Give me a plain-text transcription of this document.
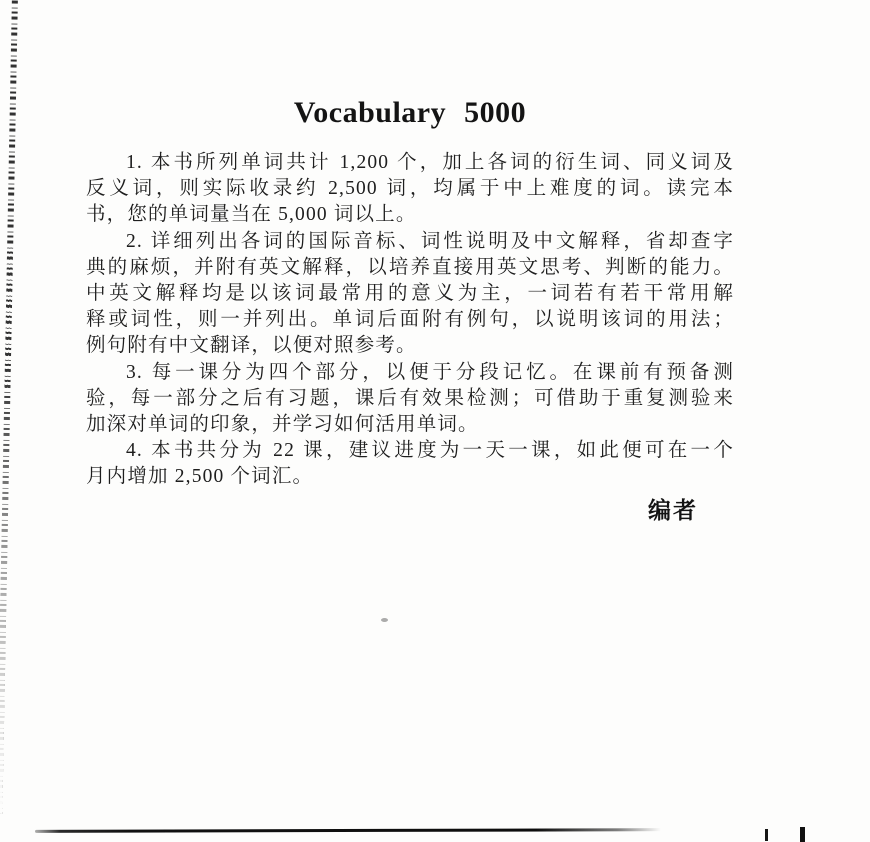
Vocabulary 5000
1. 本书所列单词共计 1,200 个，加上各词的衍生词、同义词及
反义词，则实际收录约 2,500 词，均属于中上难度的词。读完本
书，您的单词量当在 5,000 词以上。
2. 详细列出各词的国际音标、词性说明及中文解释，省却查字
典的麻烦，并附有英文解释，以培养直接用英文思考、判断的能力。
中英文解释均是以该词最常用的意义为主，一词若有若干常用解
释或词性，则一并列出。单词后面附有例句，以说明该词的用法；
例句附有中文翻译，以便对照参考。
3. 每一课分为四个部分，以便于分段记忆。在课前有预备测
验，每一部分之后有习题，课后有效果检测；可借助于重复测验来
加深对单词的印象，并学习如何活用单词。
4. 本书共分为 22 课，建议进度为一天一课，如此便可在一个
月内增加 2,500 个词汇。
编者
